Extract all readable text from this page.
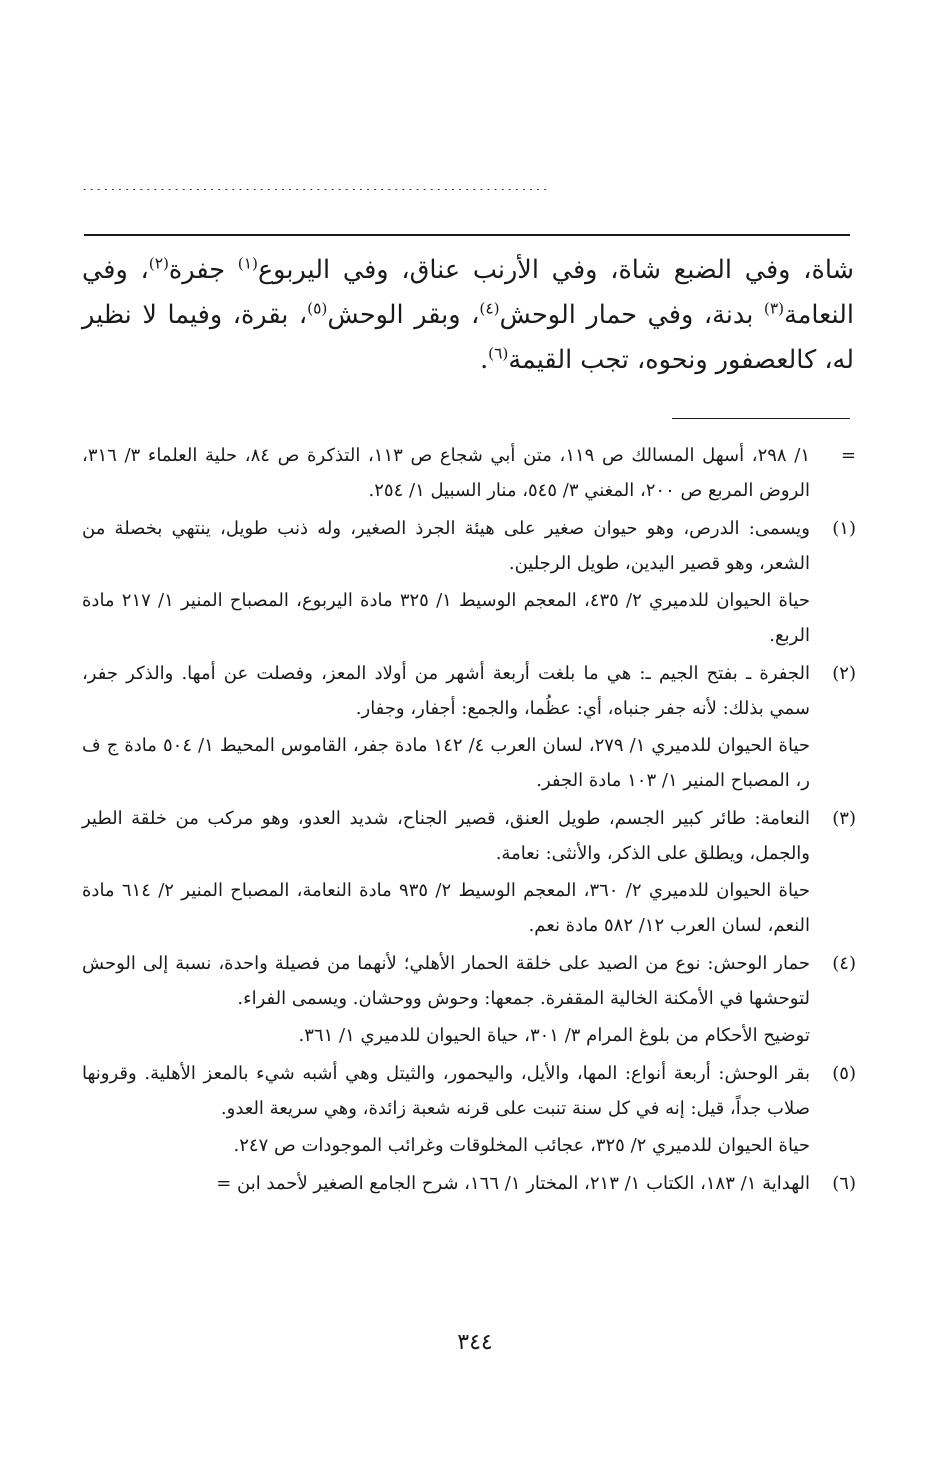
..................................................................
شاة، وفي الضبع شاة، وفي الأرنب عناق، وفي اليربوع$^{(١)}$ جفرة$^{(٢)}$، وفي النعامة$^{(٣)}$ بدنة، وفي حمار الوحش$^{(٤)}$، وبقر الوحش$^{(٥)}$، بقرة، وفيما لا نظير له، كالعصفور ونحوه، تجب القيمة$^{(٦)}$.
=

١/ ٢٩٨، أسهل المسالك ص ١١٩، متن أبي شجاع ص ١١٣، التذكرة ص ٨٤، حلية العلماء ٣/ ٣١٦، الروض المربع ص ٢٠٠، المغني ٣/ ٥٤٥، منار السبيل ١/ ٢٥٤.

(١)

ويسمى: الدرص، وهو حيوان صغير على هيئة الجرذ الصغير، وله ذنب طويل، ينتهي بخصلة من الشعر، وهو قصير اليدين، طويل الرجلين.

حياة الحيوان للدميري ٢/ ٤٣٥، المعجم الوسيط ١/ ٣٢٥ مادة اليربوع، المصباح المنير ١/ ٢١٧ مادة الربع.

(٢)

الجفرة ـ بفتح الجيم ـ: هي ما بلغت أربعة أشهر من أولاد المعز، وفصلت عن أمها. والذكر جفر، سمي بذلك: لأنه جفر جنباه، أي: عظُما، والجمع: أجفار، وجفار.

حياة الحيوان للدميري ١/ ٢٧٩، لسان العرب ٤/ ١٤٢ مادة جفر، القاموس المحيط ١/ ٥٠٤ مادة ج ف ر، المصباح المنير ١/ ١٠٣ مادة الجفر.

(٣)

النعامة: طائر كبير الجسم، طويل العنق، قصير الجناح، شديد العدو، وهو مركب من خلقة الطير والجمل، ويطلق على الذكر، والأنثى: نعامة.

حياة الحيوان للدميري ٢/ ٣٦٠، المعجم الوسيط ٢/ ٩٣٥ مادة النعامة، المصباح المنير ٢/ ٦١٤ مادة النعم، لسان العرب ١٢/ ٥٨٢ مادة نعم.

(٤)

حمار الوحش: نوع من الصيد على خلقة الحمار الأهلي؛ لأنهما من فصيلة واحدة، نسبة إلى الوحش لتوحشها في الأمكنة الخالية المقفرة. جمعها: وحوش ووحشان. ويسمى الفراء.

توضيح الأحكام من بلوغ المرام ٣/ ٣٠١، حياة الحيوان للدميري ١/ ٣٦١.

(٥)

بقر الوحش: أربعة أنواع: المها، والأيل، واليحمور، والثيتل وهي أشبه شيء بالمعز الأهلية. وقرونها صلاب جداً، قيل: إنه في كل سنة تنبت على قرنه شعبة زائدة، وهي سريعة العدو.

حياة الحيوان للدميري ٢/ ٣٢٥، عجائب المخلوقات وغرائب الموجودات ص ٢٤٧.

(٦)

الهداية ١/ ١٨٣، الكتاب ١/ ٢١٣، المختار ١/ ١٦٦، شرح الجامع الصغير لأحمد ابن =

٣٤٤
